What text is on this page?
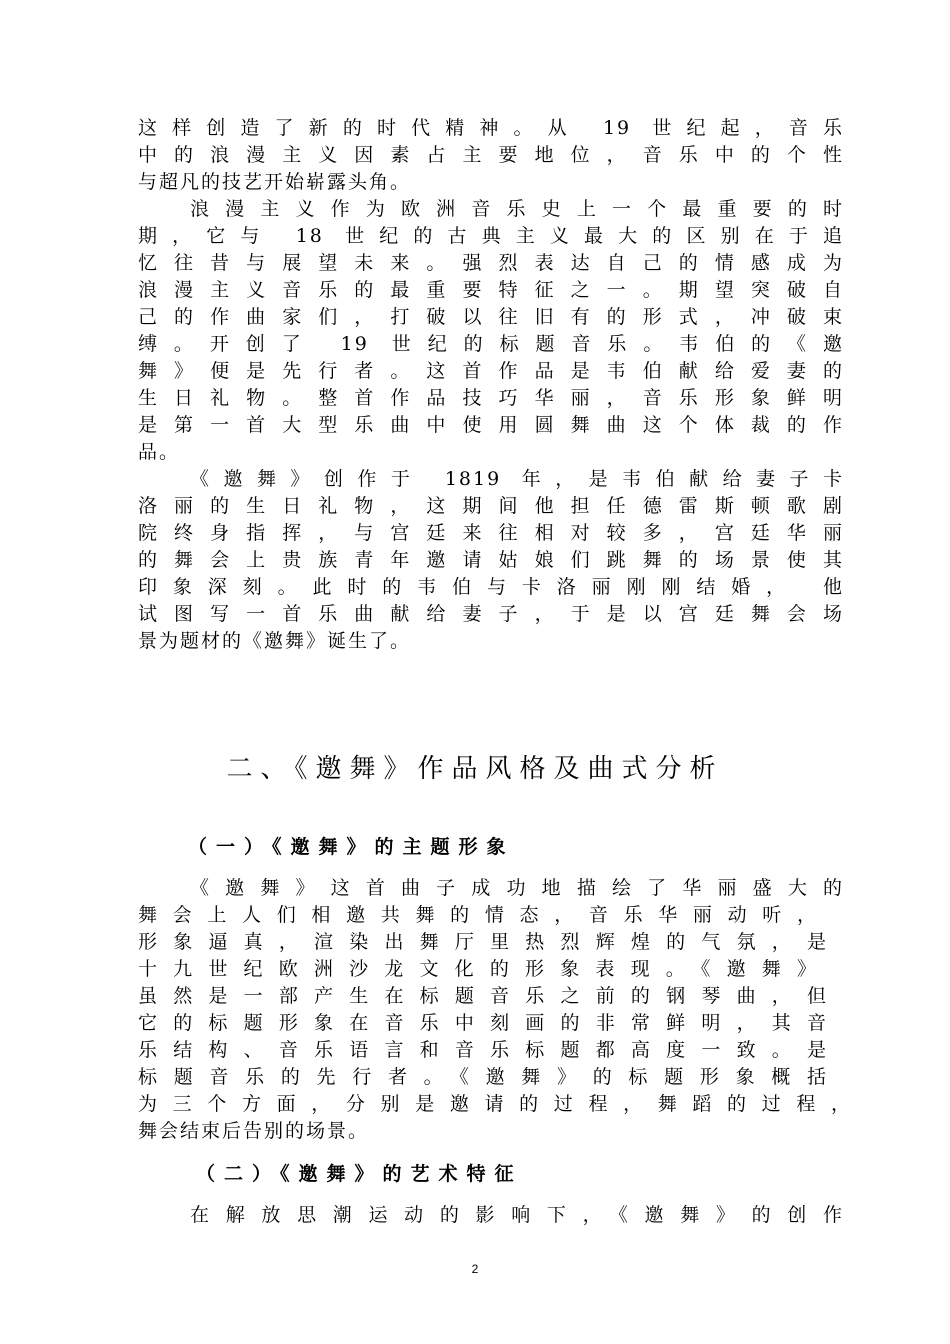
这样创造了新的时代精神。从 19 世纪起，音乐
中的浪漫主义因素占主要地位，音乐中的个性
与超凡的技艺开始崭露头角。
浪漫主义作为欧洲音乐史上一个最重要的时
期，它与 18 世纪的古典主义最大的区别在于追
忆往昔与展望未来。强烈表达自己的情感成为
浪漫主义音乐的最重要特征之一。期望突破自
己的作曲家们，打破以往旧有的形式，冲破束
缚。开创了 19 世纪的标题音乐。韦伯的《邀
舞》便是先行者。这首作品是韦伯献给爱妻的
生日礼物。整首作品技巧华丽，音乐形象鲜明
是第一首大型乐曲中使用圆舞曲这个体裁的作
品。
《邀舞》创作于 1819 年，是韦伯献给妻子卡
洛丽的生日礼物，这期间他担任德雷斯顿歌剧
院终身指挥，与宫廷来往相对较多，宫廷华丽
的舞会上贵族青年邀请姑娘们跳舞的场景使其
印象深刻。此时的韦伯与卡洛丽刚刚结婚， 他
试图写一首乐曲献给妻子，于是以宫廷舞会场
景为题材的《邀舞》诞生了。
二、《邀舞》作品风格及曲式分析
（一）《邀舞》的主题形象
《邀舞》这首曲子成功地描绘了华丽盛大的
舞会上人们相邀共舞的情态，音乐华丽动听，
形象逼真，渲染出舞厅里热烈辉煌的气氛，是
十九世纪欧洲沙龙文化的形象表现。《邀舞》
虽然是一部产生在标题音乐之前的钢琴曲，但
它的标题形象在音乐中刻画的非常鲜明，其音
乐结构、音乐语言和音乐标题都高度一致。是
标题音乐的先行者。《邀舞》的标题形象概括
为三个方面，分别是邀请的过程，舞蹈的过程，
舞会结束后告别的场景。
（二）《邀舞》的艺术特征
在解放思潮运动的影响下，《邀舞》的创作
2
